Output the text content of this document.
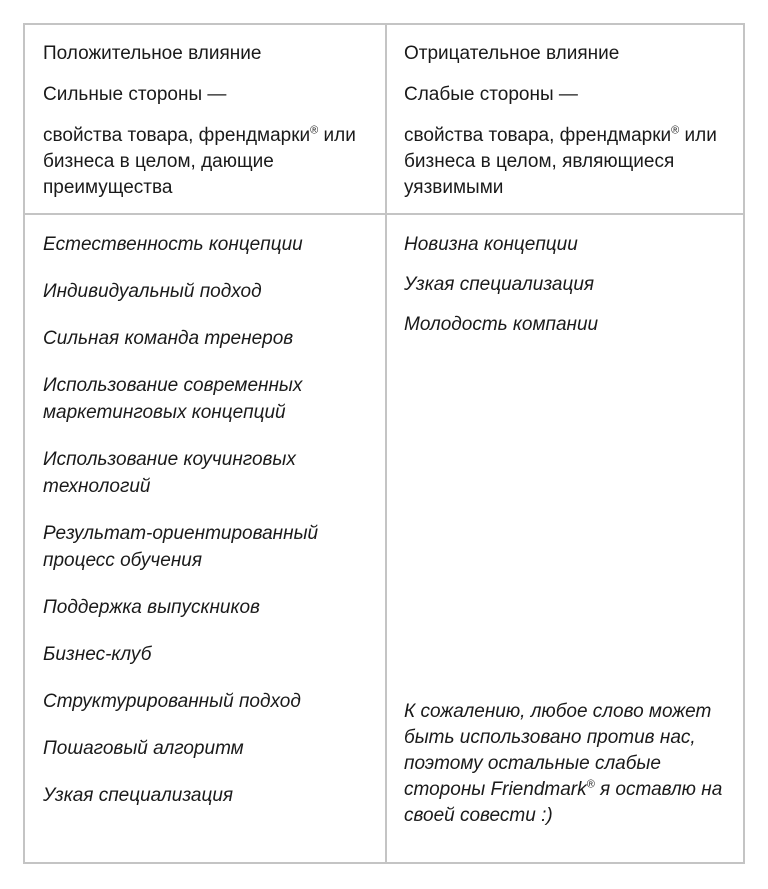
Положительное влияние

Сильные стороны —

свойства товара, френдмарки® или бизнеса в целом, дающие преимущества

Отрицательное влияние

Слабые стороны —

свойства товара, френдмарки® или бизнеса в целом, являющиеся уязвимыми

Естественность концепции
Индивидуальный подход
Сильная команда тренеров
Использование современных маркетинговых концепций
Использование коучинговых технологий
Результат-ориентированный процесс обучения
Поддержка выпускников
Бизнес-клуб
Структурированный подход
Пошаговый алгоритм
Узкая специализация
Новизна концепции
Узкая специализация
Молодость компании

К сожалению, любое слово может быть использовано против нас, поэтому остальные слабые стороны Friendmark® я оставлю на своей совести :)
